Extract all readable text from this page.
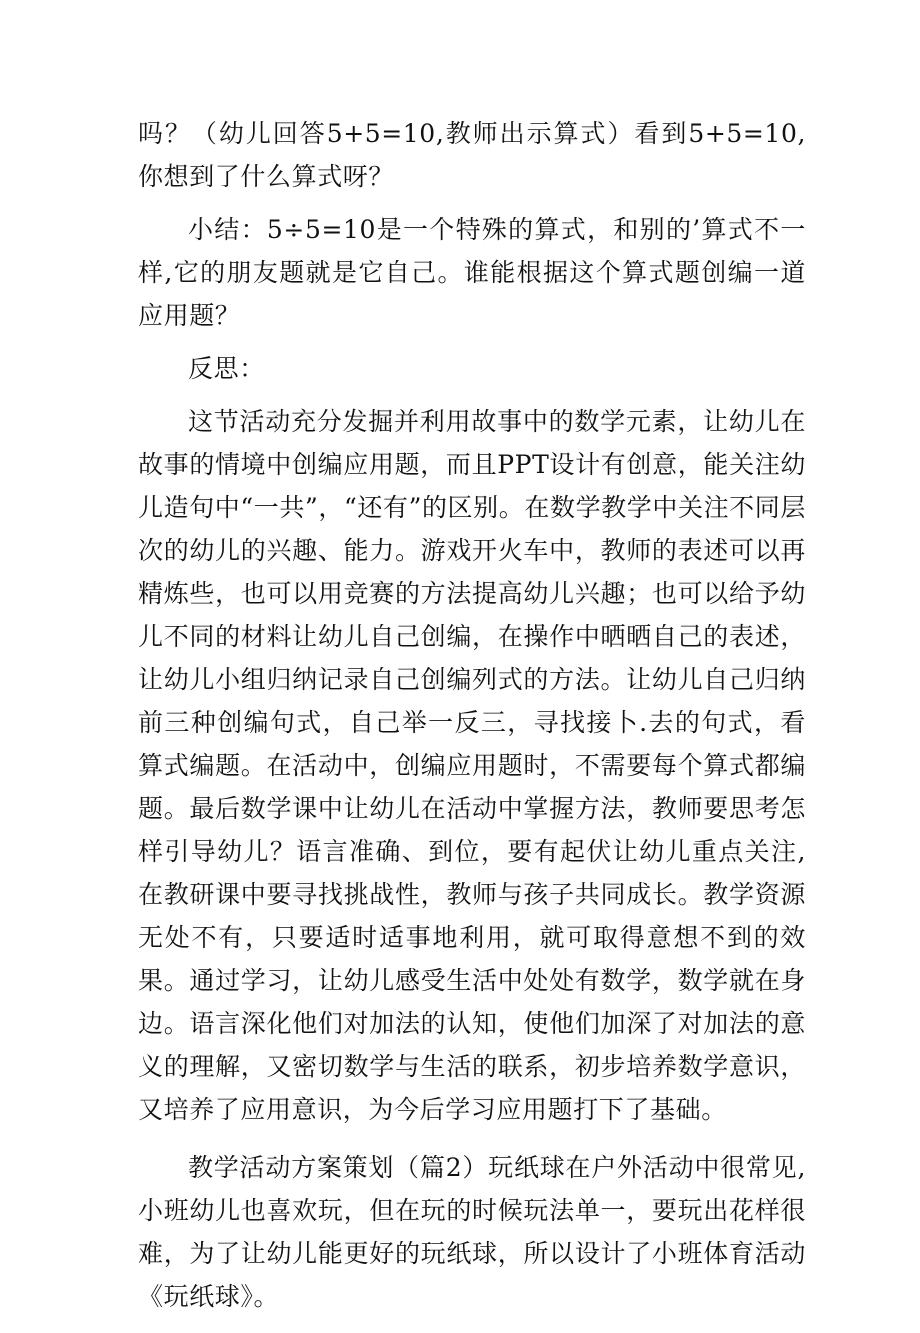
吗？（幼儿回答5+5=10,教师出示算式）看到5+5=10,你想到了什么算式呀？

小结：5÷5=10是一个特殊的算式，和别的’算式不一样,它的朋友题就是它自己。谁能根据这个算式题创编一道应用题？

反思：

这节活动充分发掘并利用故事中的数学元素，让幼儿在故事的情境中创编应用题，而且PPT设计有创意，能关注幼儿造句中“一共”，“还有”的区别。在数学教学中关注不同层次的幼儿的兴趣、能力。游戏开火车中，教师的表述可以再精炼些，也可以用竞赛的方法提高幼儿兴趣；也可以给予幼儿不同的材料让幼儿自己创编，在操作中晒晒自己的表述，让幼儿小组归纳记录自己创编列式的方法。让幼儿自己归纳前三种创编句式，自己举一反三，寻找接卜.去的句式，看算式编题。在活动中，创编应用题时，不需要每个算式都编题。最后数学课中让幼儿在活动中掌握方法，教师要思考怎样引导幼儿？语言准确、到位，要有起伏让幼儿重点关注,在教研课中要寻找挑战性，教师与孩子共同成长。教学资源无处不有，只要适时适事地利用，就可取得意想不到的效果。通过学习，让幼儿感受生活中处处有数学，数学就在身边。语言深化他们对加法的认知，使他们加深了对加法的意义的理解，又密切数学与生活的联系，初步培养数学意识，又培养了应用意识，为今后学习应用题打下了基础。

教学活动方案策划（篇2）玩纸球在户外活动中很常见,小班幼儿也喜欢玩，但在玩的时候玩法单一，要玩出花样很难，为了让幼儿能更好的玩纸球，所以设计了小班体育活动《玩纸球》。
